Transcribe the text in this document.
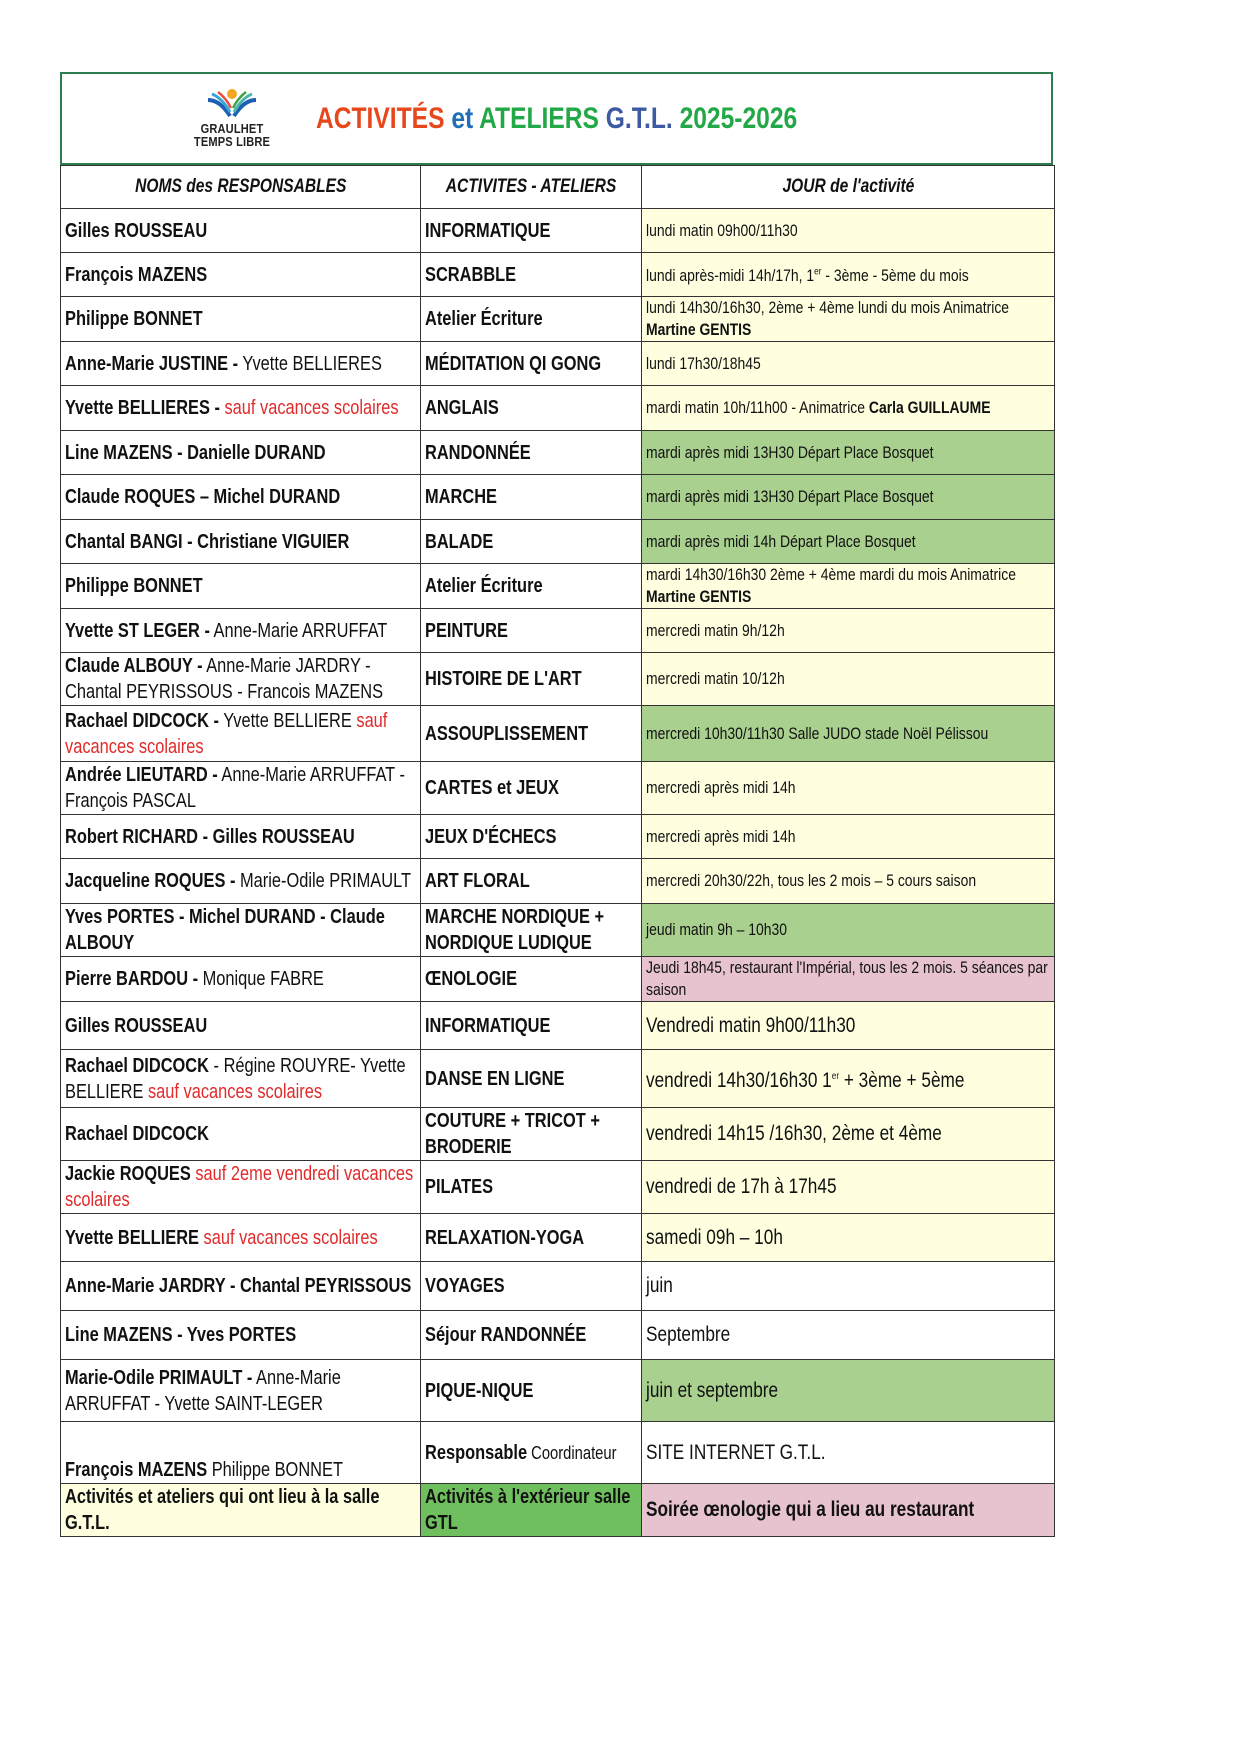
GRAULHET
TEMPS LIBRE
ACTIVITÉS et ATELIERS G.T.L. 2025-2026
NOMS des RESPONSABLES	ACTIVITES - ATELIERS	JOUR de l'activité

Gilles ROUSSEAU	INFORMATIQUE	lundi matin 09h00/11h30

François MAZENS	SCRABBLE	lundi après-midi 14h/17h, 1er - 3ème - 5ème du mois

Philippe BONNET	Atelier Écriture	lundi 14h30/16h30, 2ème + 4ème lundi du mois Animatrice Martine GENTIS

Anne-Marie JUSTINE - Yvette BELLIERES	MÉDITATION QI GONG	lundi 17h30/18h45

Yvette BELLIERES - sauf vacances scolaires	ANGLAIS	mardi matin 10h/11h00 - Animatrice Carla GUILLAUME

Line MAZENS - Danielle DURAND	RANDONNÉE	mardi après midi 13H30 Départ Place Bosquet

Claude ROQUES – Michel DURAND	MARCHE	mardi après midi 13H30 Départ Place Bosquet

Chantal BANGI - Christiane VIGUIER	BALADE	mardi après midi 14h Départ Place Bosquet

Philippe BONNET	Atelier Écriture	mardi 14h30/16h30 2ème + 4ème mardi du mois Animatrice Martine GENTIS

Yvette ST LEGER - Anne-Marie ARRUFFAT	PEINTURE	mercredi matin 9h/12h

Claude ALBOUY - Anne-Marie JARDRY - Chantal PEYRISSOUS - Francois MAZENS	HISTOIRE DE L'ART	mercredi matin 10/12h

Rachael DIDCOCK - Yvette BELLIERE sauf vacances scolaires	ASSOUPLISSEMENT	mercredi 10h30/11h30 Salle JUDO stade Noël Pélissou

Andrée LIEUTARD - Anne-Marie ARRUFFAT - François PASCAL	CARTES et JEUX	mercredi après midi 14h

Robert RICHARD - Gilles ROUSSEAU	JEUX D'ÉCHECS	mercredi après midi 14h

Jacqueline ROQUES - Marie-Odile PRIMAULT	ART FLORAL	mercredi 20h30/22h, tous les 2 mois – 5 cours saison

Yves PORTES - Michel DURAND - Claude ALBOUY	MARCHE NORDIQUE + NORDIQUE LUDIQUE	jeudi matin 9h – 10h30

Pierre BARDOU - Monique FABRE	ŒNOLOGIE	Jeudi 18h45, restaurant l'Impérial, tous les 2 mois. 5 séances par saison

Gilles ROUSSEAU	INFORMATIQUE	Vendredi matin 9h00/11h30

Rachael DIDCOCK - Régine ROUYRE- Yvette BELLIERE sauf vacances scolaires	DANSE EN LIGNE	vendredi 14h30/16h30 1er + 3ème + 5ème

Rachael DIDCOCK	COUTURE + TRICOT + BRODERIE	vendredi 14h15 /16h30, 2ème et 4ème

Jackie ROQUES sauf 2eme vendredi vacances scolaires	PILATES	vendredi de 17h à 17h45

Yvette BELLIERE sauf vacances scolaires	RELAXATION-YOGA	samedi 09h – 10h

Anne-Marie JARDRY - Chantal PEYRISSOUS	VOYAGES	juin

Line MAZENS - Yves PORTES	Séjour RANDONNÉE	Septembre

Marie-Odile PRIMAULT - Anne-Marie ARRUFFAT - Yvette SAINT-LEGER	PIQUE-NIQUE	juin et septembre

François MAZENS Philippe BONNET	Responsable Coordinateur	SITE INTERNET G.T.L.

Activités et ateliers qui ont lieu à la salle G.T.L.	Activités à l'extérieur salle GTL	Soirée œnologie qui a lieu au restaurant
